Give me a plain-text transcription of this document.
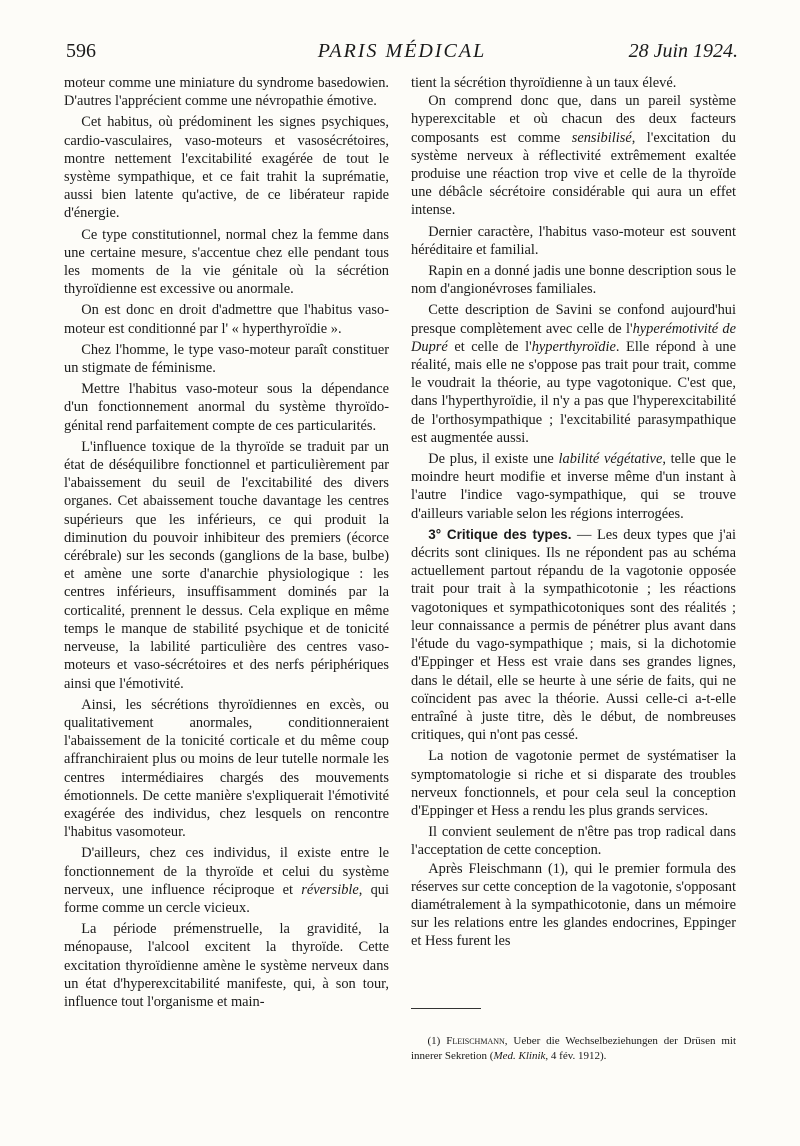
596	PARIS MÉDICAL	28 Juin 1924.

moteur comme une miniature du syndrome basedowien. D'autres l'apprécient comme une névropathie émotive.

Cet habitus, où prédominent les signes psychiques, cardio-vasculaires, vaso-moteurs et vasosécrétoires, montre nettement l'excitabilité exagérée de tout le système sympathique, et ce fait trahit la suprématie, aussi bien latente qu'active, de ce libérateur rapide d'énergie.

Ce type constitutionnel, normal chez la femme dans une certaine mesure, s'accentue chez elle pendant tous les moments de la vie génitale où la sécrétion thyroïdienne est excessive ou anormale.

On est donc en droit d'admettre que l'habitus vaso-moteur est conditionné par l' « hyperthyroïdie ».

Chez l'homme, le type vaso-moteur paraît constituer un stigmate de féminisme.

Mettre l'habitus vaso-moteur sous la dépendance d'un fonctionnement anormal du système thyroïdo-génital rend parfaitement compte de ces particularités.

L'influence toxique de la thyroïde se traduit par un état de déséquilibre fonctionnel et particulièrement par l'abaissement du seuil de l'excitabilité des divers organes. Cet abaissement touche davantage les centres supérieurs que les inférieurs, ce qui produit la diminution du pouvoir inhibiteur des premiers (écorce cérébrale) sur les seconds (ganglions de la base, bulbe) et amène une sorte d'anarchie physiologique : les centres inférieurs, insuffisamment dominés par la corticalité, prennent le dessus. Cela explique en même temps le manque de stabilité psychique et de tonicité nerveuse, la labilité particulière des centres vaso-moteurs et vaso-sécrétoires et des nerfs périphériques ainsi que l'émotivité.

Ainsi, les sécrétions thyroïdiennes en excès, ou qualitativement anormales, conditionneraient l'abaissement de la tonicité corticale et du même coup affranchiraient plus ou moins de leur tutelle normale les centres intermédiaires chargés des mouvements émotionnels. De cette manière s'expliquerait l'émotivité exagérée des individus, chez lesquels on rencontre l'habitus vasomoteur.

D'ailleurs, chez ces individus, il existe entre le fonctionnement de la thyroïde et celui du système nerveux, une influence réciproque et réversible, qui forme comme un cercle vicieux.

La période prémenstruelle, la gravidité, la ménopause, l'alcool excitent la thyroïde. Cette excitation thyroïdienne amène le système nerveux dans un état d'hyperexcitabilité manifeste, qui, à son tour, influence tout l'organisme et main-

tient la sécrétion thyroïdienne à un taux élevé.

On comprend donc que, dans un pareil système hyperexcitable et où chacun des deux facteurs composants est comme sensibilisé, l'excitation du système nerveux à réflectivité extrêmement exaltée produise une réaction trop vive et celle de la thyroïde une débâcle sécrétoire considérable qui aura un effet intense.

Dernier caractère, l'habitus vaso-moteur est souvent héréditaire et familial.

Rapin en a donné jadis une bonne description sous le nom d'angionévroses familiales.

Cette description de Savini se confond aujourd'hui presque complètement avec celle de l'hyperémotivité de Dupré et celle de l'hyperthyroïdie. Elle répond à une réalité, mais elle ne s'oppose pas trait pour trait, comme le voudrait la théorie, au type vagotonique. C'est que, dans l'hyperthyroïdie, il n'y a pas que l'hyperexcitabilité de l'orthosympathique ; l'excitabilité parasympathique est augmentée aussi.

De plus, il existe une labilité végétative, telle que le moindre heurt modifie et inverse même d'un instant à l'autre l'indice vago-sympathique, qui se trouve d'ailleurs variable selon les régions interrogées.

3° Critique des types. — Les deux types que j'ai décrits sont cliniques. Ils ne répondent pas au schéma actuellement partout répandu de la vagotonie opposée trait pour trait à la sympathicotonie ; les réactions vagotoniques et sympathicotoniques sont des réalités ; leur connaissance a permis de pénétrer plus avant dans l'étude du vago-sympathique ; mais, si la dichotomie d'Eppinger et Hess est vraie dans ses grandes lignes, dans le détail, elle se heurte à une série de faits, qui ne coïncident pas avec la théorie. Aussi celle-ci a-t-elle entraîné à juste titre, dès le début, de nombreuses critiques, qui n'ont pas cessé.

La notion de vagotonie permet de systématiser la symptomatologie si riche et si disparate des troubles nerveux fonctionnels, et pour cela seul la conception d'Eppinger et Hess a rendu les plus grands services.

Il convient seulement de n'être pas trop radical dans l'acceptation de cette conception.

Après Fleischmann (1), qui le premier formula des réserves sur cette conception de la vagotonie, s'opposant diamétralement à la sympathicotonie, dans un mémoire sur les relations entre les glandes endocrines, Eppinger et Hess furent les

(1) Fleischmann, Ueber die Wechselbeziehungen der Drüsen mit innerer Sekretion (Med. Klinik, 4 fév. 1912).
